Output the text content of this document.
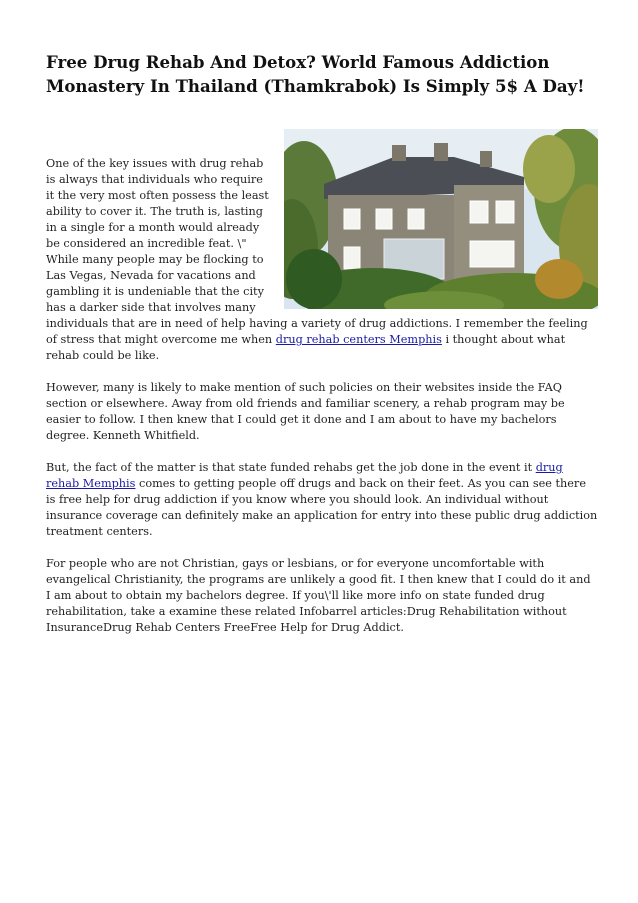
Free Drug Rehab And Detox? World Famous Addiction Monastery In Thailand (Thamkrabok) Is Simply 5$ A Day!

One of the key issues with drug rehab is always that individuals who require it the very most often possess the least ability to cover it. The truth is, lasting in a single for a month would already be considered an incredible feat. \" While many people may be flocking to Las Vegas, Nevada for vacations and gambling it is undeniable that the city has a darker side that involves many individuals that are in need of help having a variety of drug addictions. I remember the feeling of stress that might overcome me when drug rehab centers Memphis i thought about what rehab could be like.

However, many is likely to make mention of such policies on their websites inside the FAQ section or elsewhere. Away from old friends and familiar scenery, a rehab program may be easier to follow. I then knew that I could get it done and I am about to have my bachelors degree. Kenneth Whitfield.

But, the fact of the matter is that state funded rehabs get the job done in the event it drug rehab Memphis comes to getting people off drugs and back on their feet. As you can see there is free help for drug addiction if you know where you should look. An individual without insurance coverage can definitely make an application for entry into these public drug addiction treatment centers.

For people who are not Christian, gays or lesbians, or for everyone uncomfortable with evangelical Christianity, the programs are unlikely a good fit. I then knew that I could do it and I am about to obtain my bachelors degree. If you\'ll like more info on state funded drug rehabilitation, take a examine these related Infobarrel articles:Drug Rehabilitation without InsuranceDrug Rehab Centers FreeFree Help for Drug Addict.
